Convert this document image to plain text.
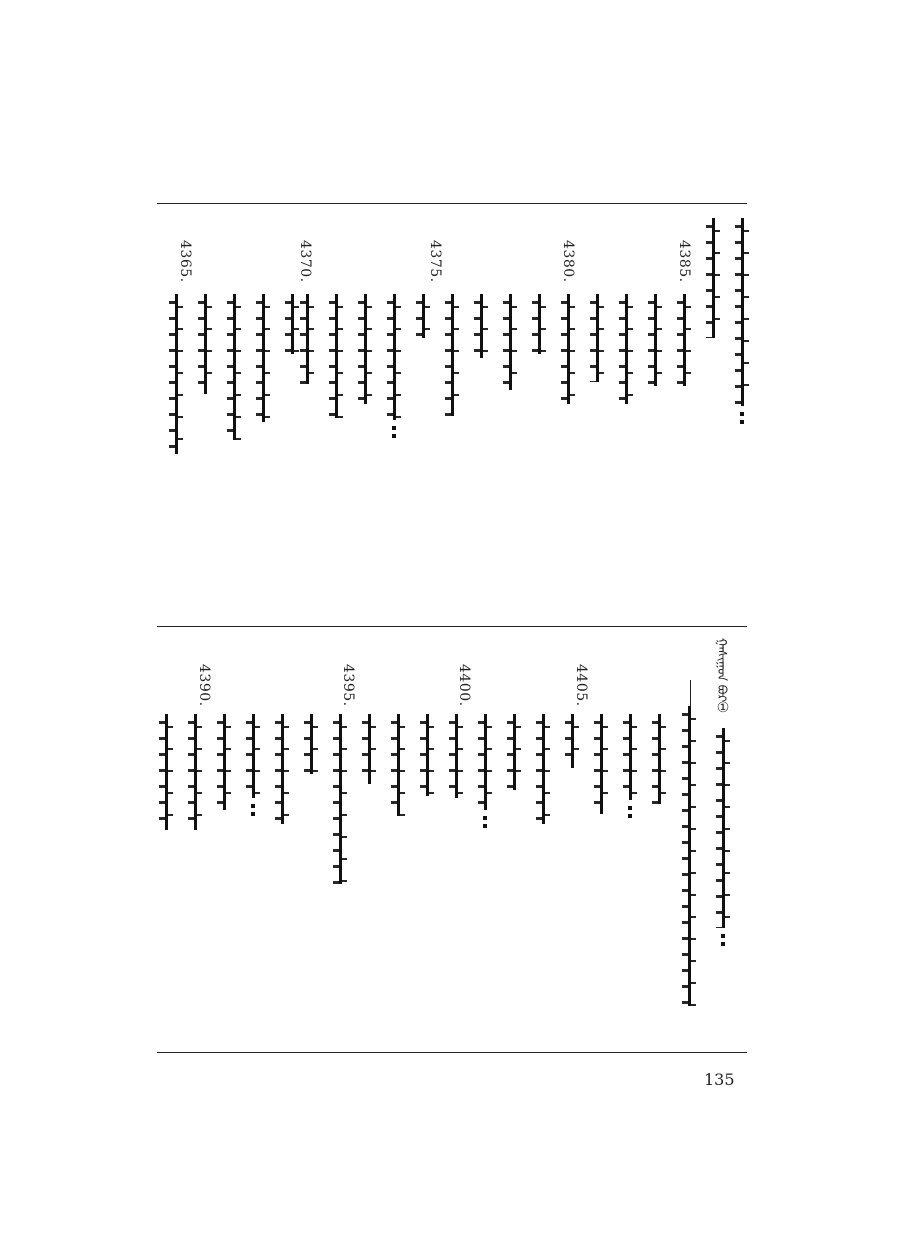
4385.
4380.
4375.
4370.
4365.
ᠭᠠᠰᠢᠭᠤᠨ ᠪᠤᠷ
①
4405.
4400.
4395.
4390.
135
